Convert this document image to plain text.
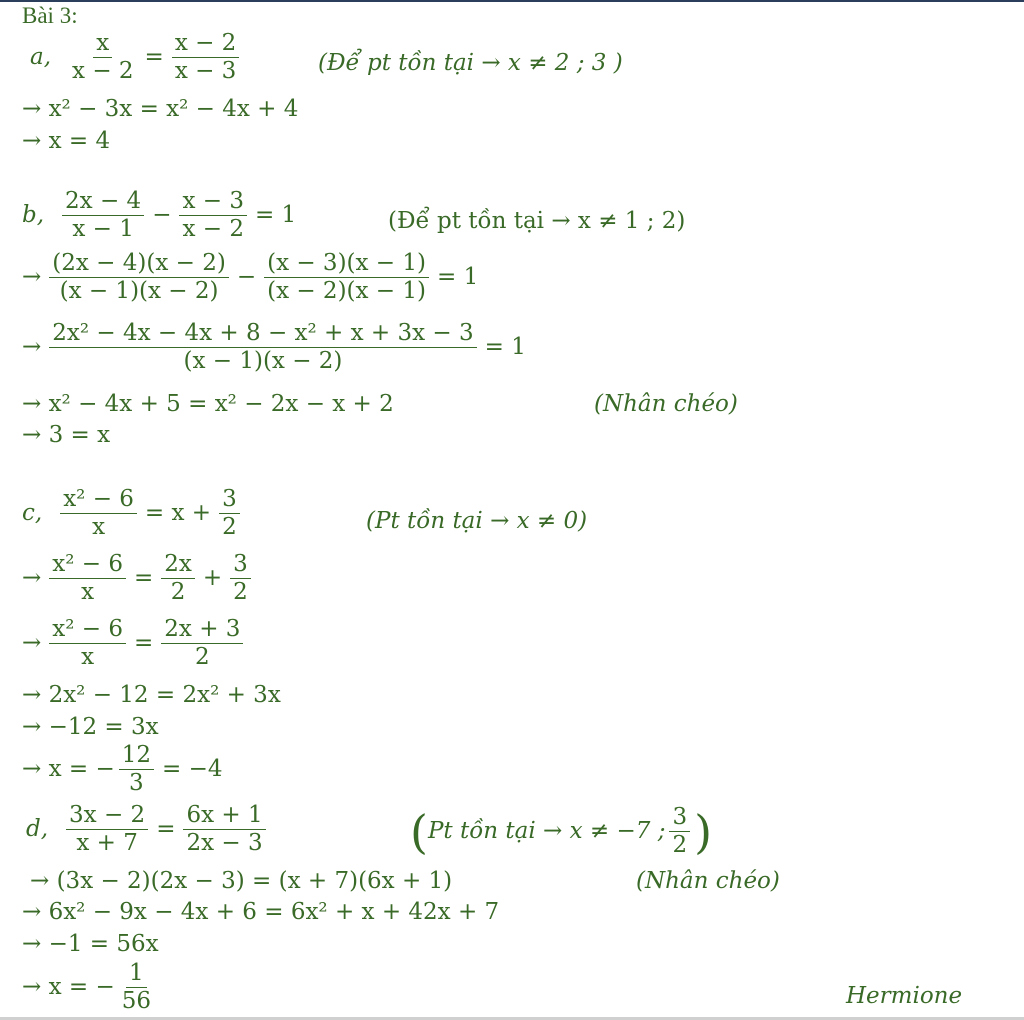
Bài 3:
a, $\frac{x}{x - 2} = \frac{x - 2}{x - 3}$	(Để pt tồn tại → x ≠ 2 ; 3 )
→ x² − 3x = x² − 4x + 4
→ x = 4
b, $\frac{2x - 4}{x - 1} - \frac{x - 3}{x - 2} = 1$	(Để pt tồn tại → x ≠ 1 ; 2)
→ $\frac{(2x - 4)(x - 2)}{(x - 1)(x - 2)} - \frac{(x - 3)(x - 1)}{(x - 2)(x - 1)} = 1$
→ $\frac{\text{2x² − 4x − 4x + 8 − x² + x + 3x − 3}}{(x - 1)(x - 2)} = 1$
→ x² − 4x + 5 = x² − 2x − x + 2	(Nhân chéo)
→ 3 = x
c, $\frac{\text{x² − 6}}{x} = x + \frac{3}{2}$	(Pt tồn tại → x ≠ 0)
→ $\frac{\text{x² − 6}}{x} = \frac{2x}{2} + \frac{3}{2}$
→ $\frac{\text{x² − 6}}{x} = \frac{2x + 3}{2}$
→ 2x² − 12 = 2x² + 3x
→ −12 = 3x
→ x = − $\frac{12}{3} = -4$
d, $\frac{3x - 2}{x + 7} = \frac{6x + 1}{2x - 3}$	( Pt tồn tại → x ≠ −7 ; $\frac{3}{2}$ )
→ (3x − 2)(2x − 3) = (x + 7)(6x + 1)	(Nhân chéo)
→ 6x² − 9x − 4x + 6 = 6x² + x + 42x + 7
→ −1 = 56x
→ x = − $\frac{1}{56}$	Hermione
